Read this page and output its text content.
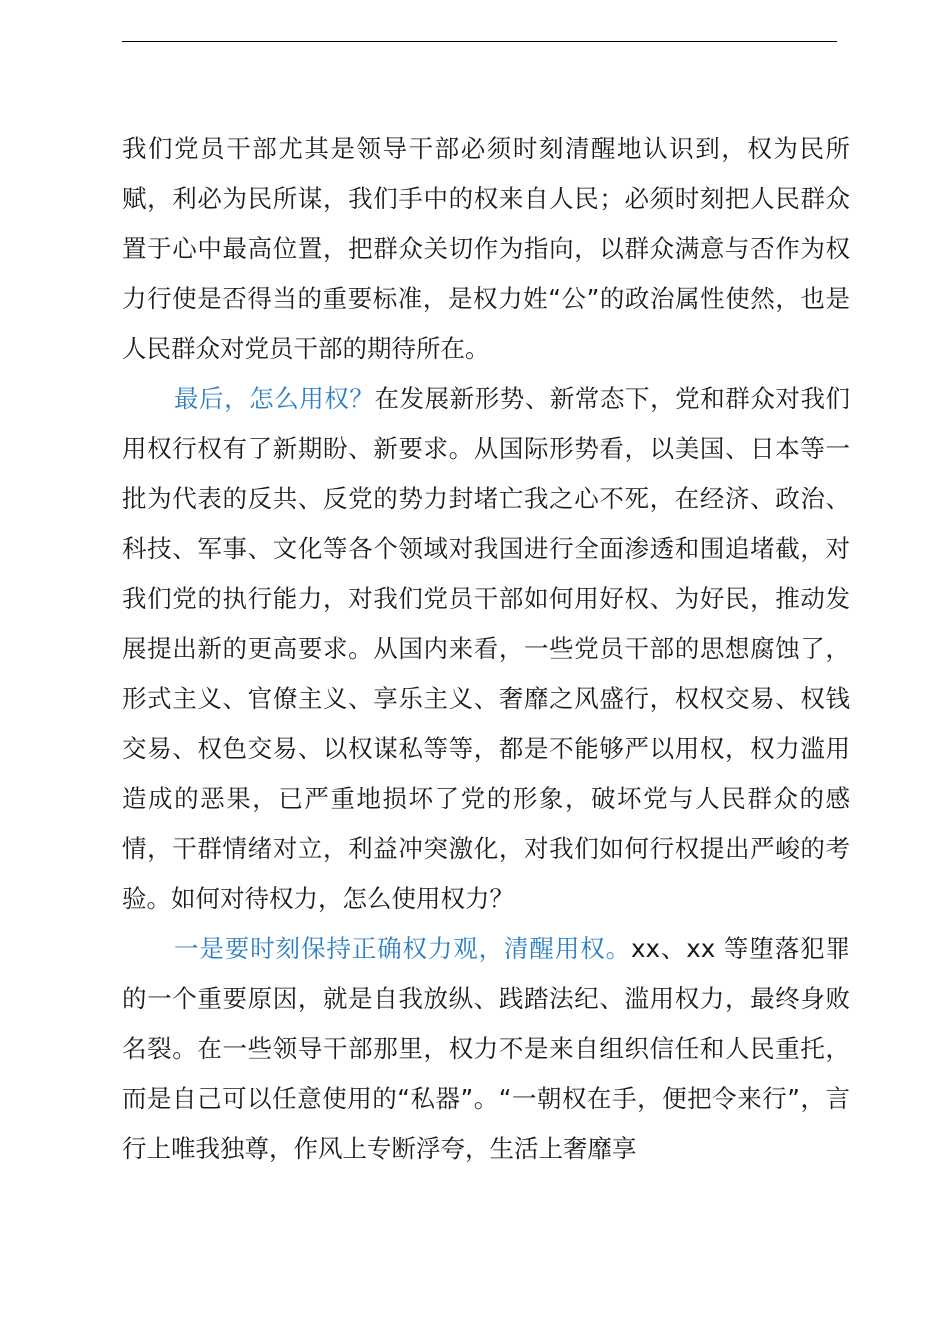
我们党员干部尤其是领导干部必须时刻清醒地认识到，权为民所赋，利必为民所谋，我们手中的权来自人民；必须时刻把人民群众置于心中最高位置，把群众关切作为指向，以群众满意与否作为权力行使是否得当的重要标准，是权力姓“公”的政治属性使然，也是人民群众对党员干部的期待所在。

最后，怎么用权？在发展新形势、新常态下，党和群众对我们用权行权有了新期盼、新要求。从国际形势看，以美国、日本等一批为代表的反共、反党的势力封堵亡我之心不死，在经济、政治、科技、军事、文化等各个领域对我国进行全面渗透和围追堵截，对我们党的执行能力，对我们党员干部如何用好权、为好民，推动发展提出新的更高要求。从国内来看，一些党员干部的思想腐蚀了，形式主义、官僚主义、享乐主义、奢靡之风盛行，权权交易、权钱交易、权色交易、以权谋私等等，都是不能够严以用权，权力滥用造成的恶果，已严重地损坏了党的形象，破坏党与人民群众的感情，干群情绪对立，利益冲突激化，对我们如何行权提出严峻的考验。如何对待权力，怎么使用权力？

一是要时刻保持正确权力观，清醒用权。xx、xx 等堕落犯罪的一个重要原因，就是自我放纵、践踏法纪、滥用权力，最终身败名裂。在一些领导干部那里，权力不是来自组织信任和人民重托，而是自己可以任意使用的“私器”。“一朝权在手，便把令来行”，言行上唯我独尊，作风上专断浮夸，生活上奢靡享
